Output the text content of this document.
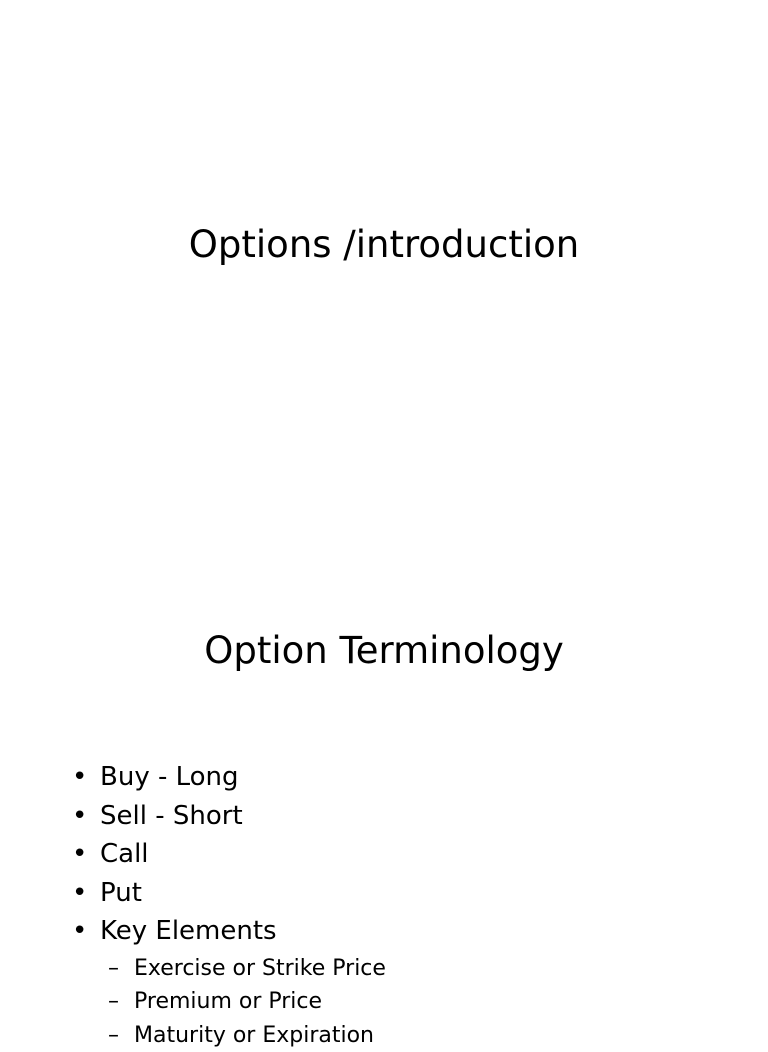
Options /introduction
Option Terminology
• Buy - Long
• Sell - Short
• Call
• Put
• Key Elements
– Exercise or Strike Price
– Premium or Price
– Maturity or Expiration
